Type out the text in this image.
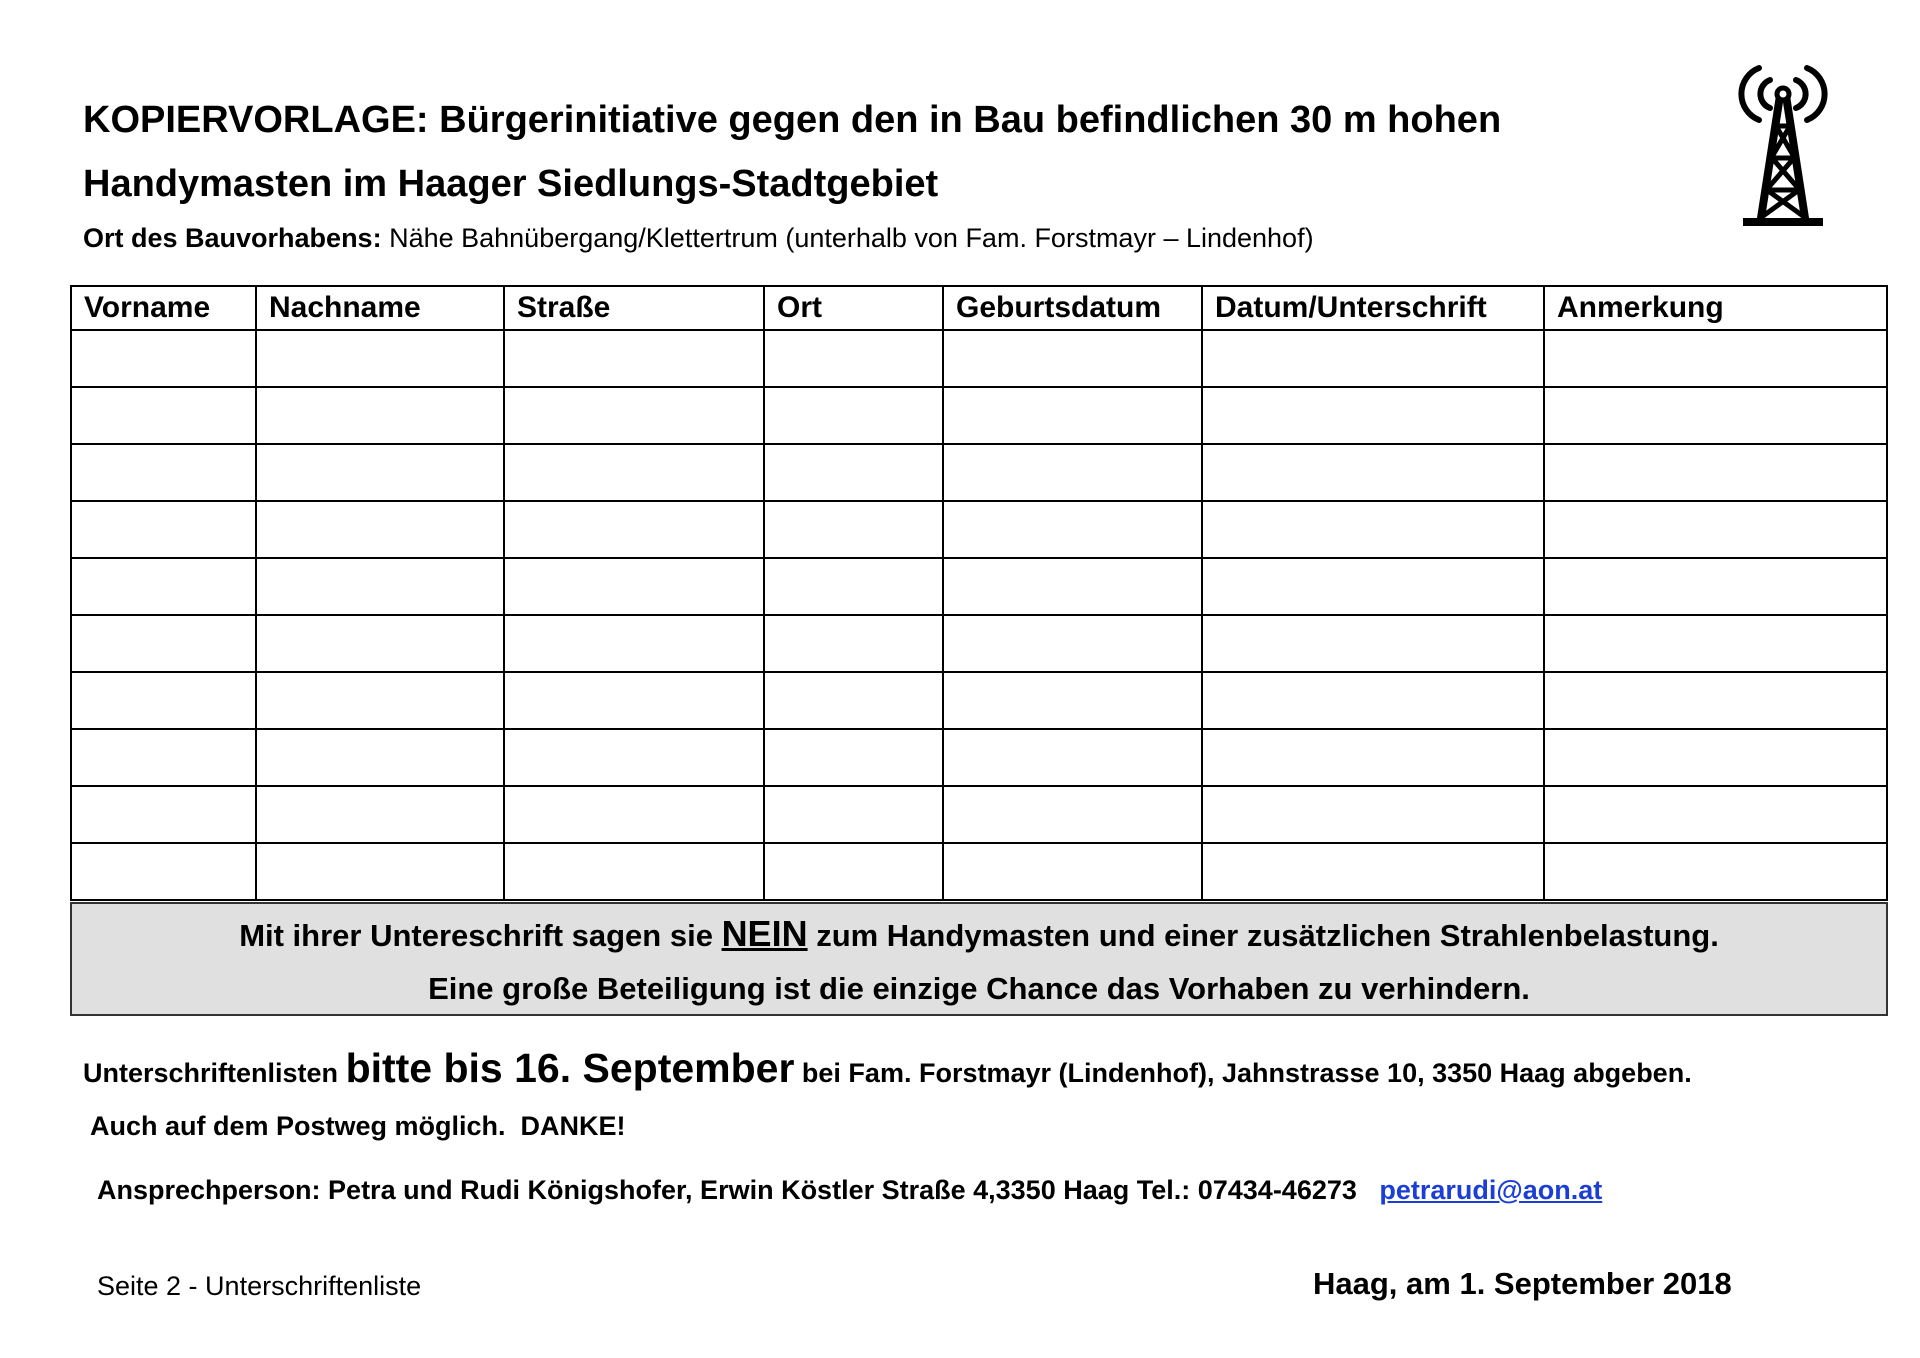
KOPIERVORLAGE: Bürgerinitiative gegen den in Bau befindlichen 30 m hohen
Handymasten im Haager Siedlungs-Stadtgebiet
Ort des Bauvorhabens: Nähe Bahnübergang/Klettertrum (unterhalb von Fam. Forstmayr – Lindenhof)
Vorname	Nachname	Straße	Ort	Geburtsdatum	Datum/Unterschrift	Anmerkung

Mit ihrer Untereschrift sagen sie NEIN zum Handymasten und einer zusätzlichen Strahlenbelastung.
Eine große Beteiligung ist die einzige Chance das Vorhaben zu verhindern.
Unterschriftenlisten bitte bis 16. September bei Fam. Forstmayr (Lindenhof), Jahnstrasse 10, 3350 Haag abgeben.
Auch auf dem Postweg möglich.  DANKE!
Ansprechperson: Petra und Rudi Königshofer, Erwin Köstler Straße 4,3350 Haag Tel.: 07434-46273 petrarudi@aon.at
Seite 2 - Unterschriftenliste	Haag, am 1. September 2018
